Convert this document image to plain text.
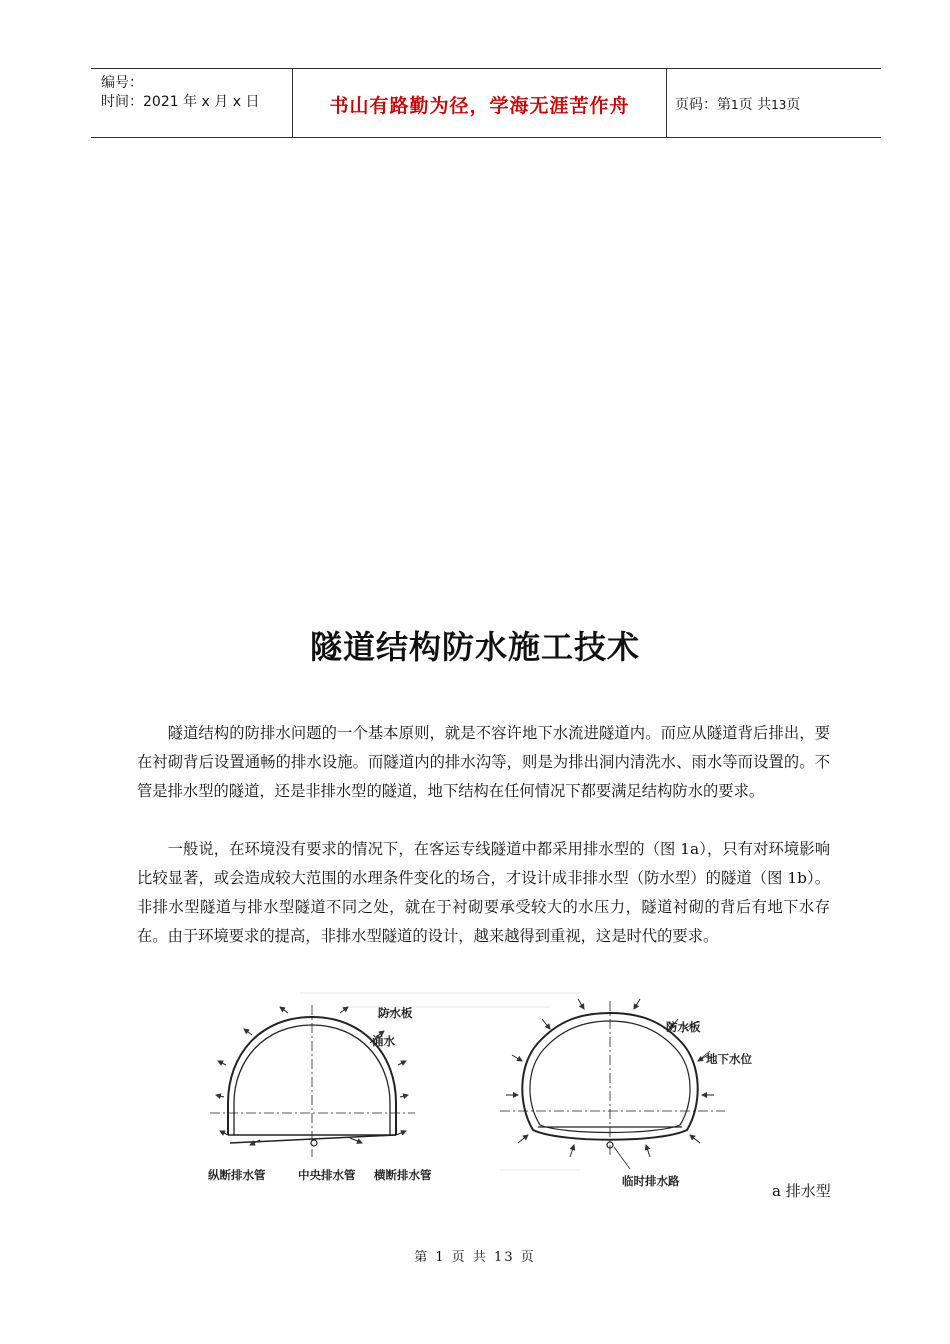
编号：
时间：2021 年 x 月 x 日	书山有路勤为径，学海无涯苦作舟	页码：第1页 共13页
隧道结构防水施工技术

隧道结构的防排水问题的一个基本原则，就是不容许地下水流进隧道内。而应从隧道背后排出，要在衬砌背后设置通畅的排水设施。而隧道内的排水沟等，则是为排出洞内清洗水、雨水等而设置的。不管是排水型的隧道，还是非排水型的隧道，地下结构在任何情况下都要满足结构防水的要求。

一般说，在环境没有要求的情况下，在客运专线隧道中都采用排水型的（图 1a），只有对环境影响比较显著，或会造成较大范围的水理条件变化的场合，才设计成非排水型（防水型）的隧道（图 1b）。非排水型隧道与排水型隧道不同之处，就在于衬砌要承受较大的水压力，隧道衬砌的背后有地下水存在。由于环境要求的提高，非排水型隧道的设计，越来越得到重视，这是时代的要求。

防水板
涌水
纵断排水管	中央排水管 横断排水管
防水板
地下水位
临时排水路
a 排水型
第 1 页 共 13 页
